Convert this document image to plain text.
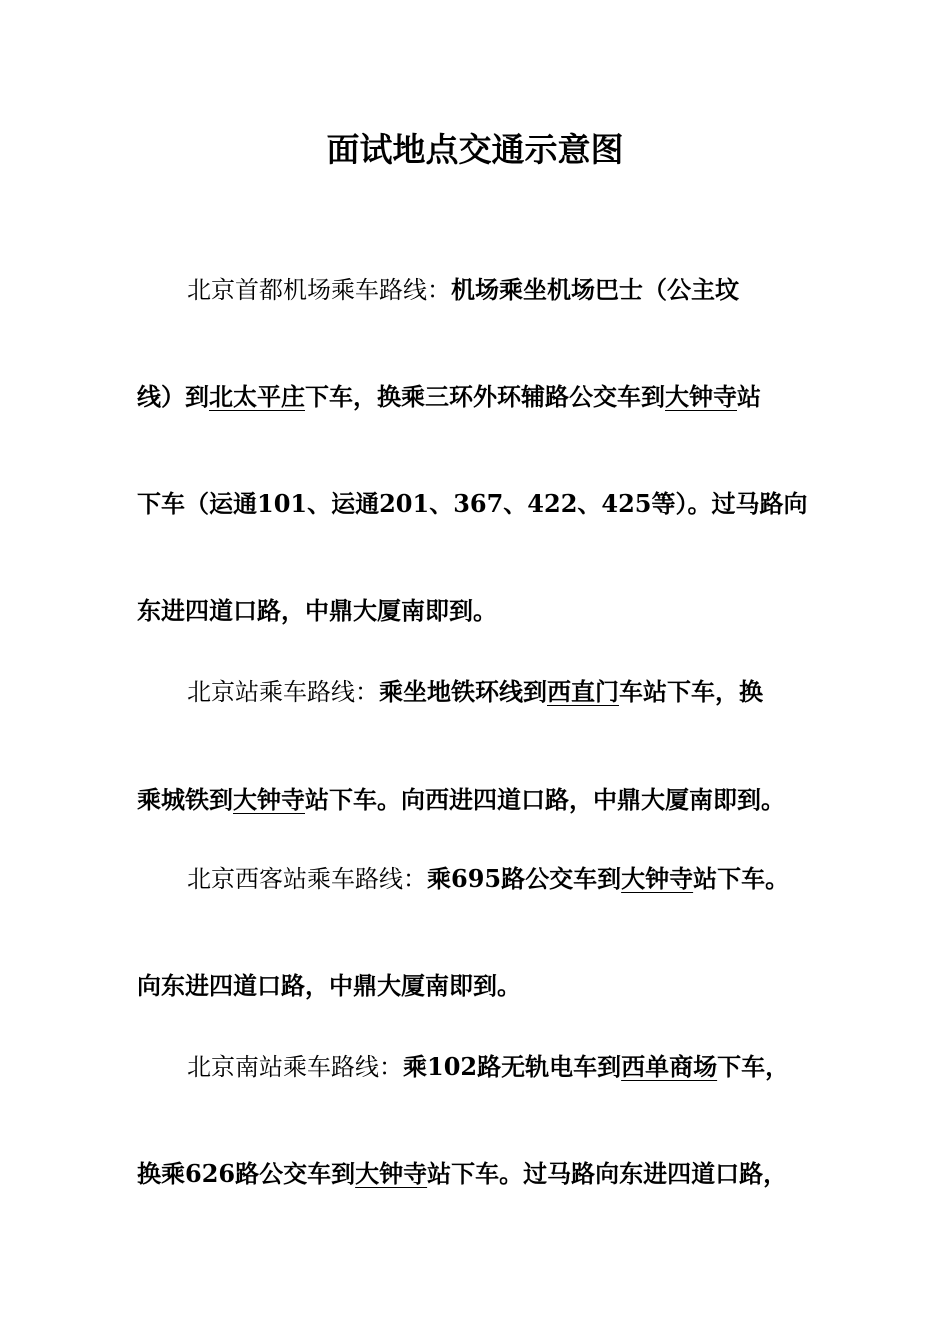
面试地点交通示意图
北京首都机场乘车路线：机场乘坐机场巴士（公主坟
线）到北太平庄下车，换乘三环外环辅路公交车到大钟寺站
下车（运通101、运通201、367、422、425等）。过马路向
东进四道口路，中鼎大厦南即到。
北京站乘车路线：乘坐地铁环线到西直门车站下车，换
乘城铁到大钟寺站下车。向西进四道口路，中鼎大厦南即到。
北京西客站乘车路线：乘695路公交车到大钟寺站下车。
向东进四道口路，中鼎大厦南即到。
北京南站乘车路线：乘102路无轨电车到西单商场下车，
换乘626路公交车到大钟寺站下车。过马路向东进四道口路，
